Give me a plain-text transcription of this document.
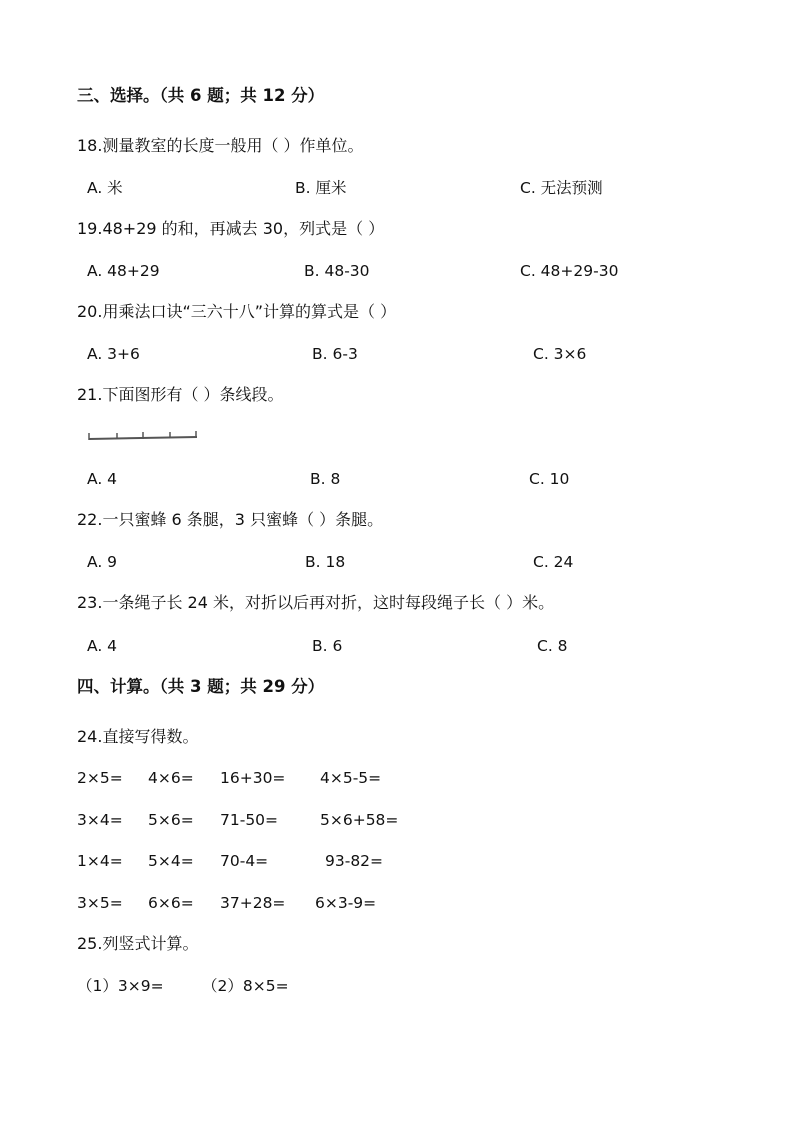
三、选择。（共 6 题；共 12 分）
18.测量教室的长度一般用（ ）作单位。
A. 米	B. 厘米	C. 无法预测
19.48+29 的和，再减去 30，列式是（ ）
A. 48+29	B. 48-30	C. 48+29-30
20.用乘法口诀“三六十八”计算的算式是（ ）
A. 3+6	B. 6-3	C. 3×6
21.下面图形有（ ）条线段。
A. 4	B. 8	C. 10
22.一只蜜蜂 6 条腿，3 只蜜蜂（ ）条腿。
A. 9	B. 18	C. 24
23.一条绳子长 24 米，对折以后再对折，这时每段绳子长（ ）米。
A. 4	B. 6	C. 8
四、计算。（共 3 题；共 29 分）
24.直接写得数。
2×5= 4×6= 16+30= 4×5-5=
3×4= 5×6= 71-50=	5×6+58=
1×4= 5×4= 70-4=	93-82=
3×5= 6×6= 37+28= 6×3-9=
25.列竖式计算。
（1）3×9= （2）8×5=
